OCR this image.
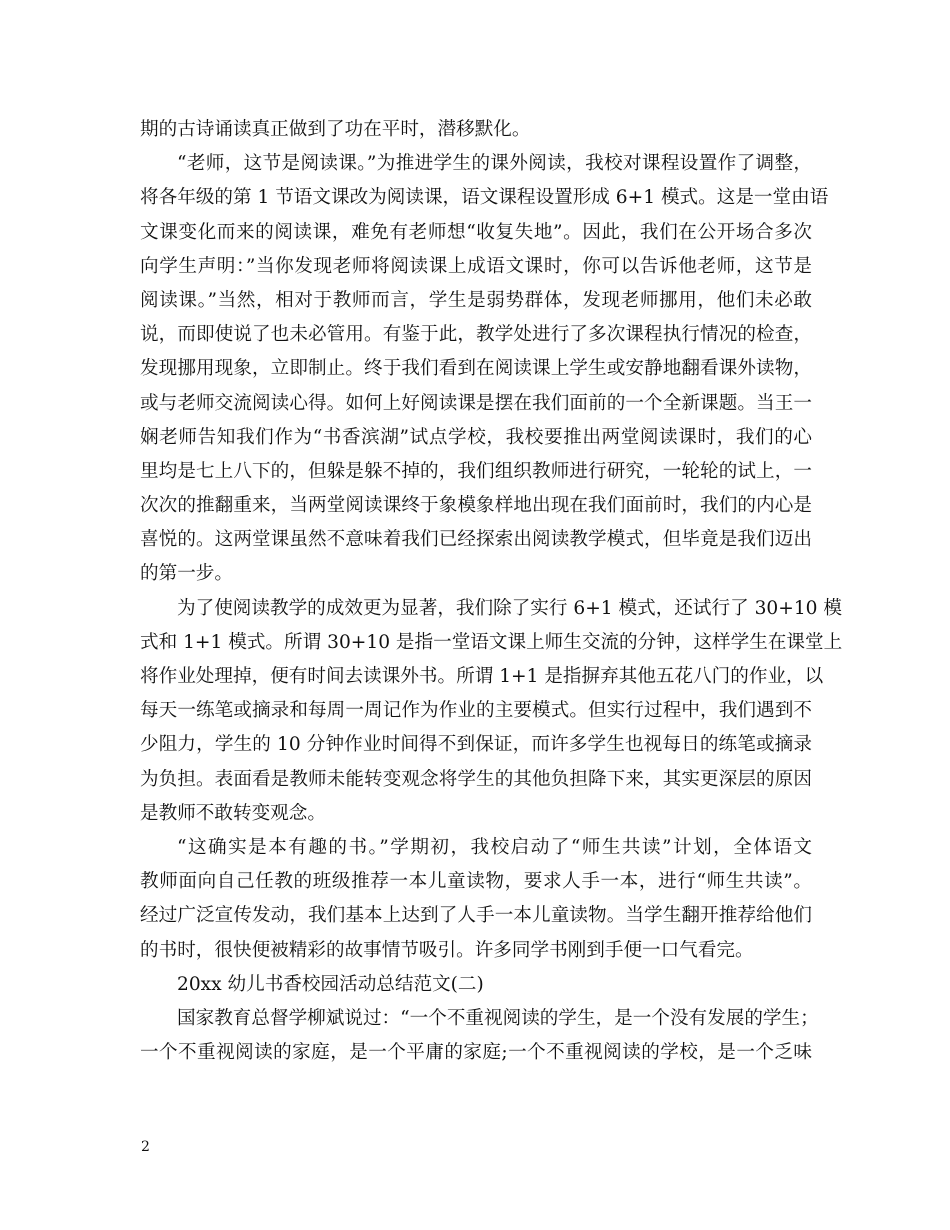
期的古诗诵读真正做到了功在平时，潜移默化。
“老师，这节是阅读课。”为推进学生的课外阅读，我校对课程设置作了调整，
将各年级的第 1 节语文课改为阅读课，语文课程设置形成 6+1 模式。这是一堂由语
文课变化而来的阅读课，难免有老师想“收复失地”。因此，我们在公开场合多次
向学生声明：”当你发现老师将阅读课上成语文课时，你可以告诉他老师，这节是
阅读课。”当然，相对于教师而言，学生是弱势群体，发现老师挪用，他们未必敢
说，而即使说了也未必管用。有鉴于此，教学处进行了多次课程执行情况的检查，
发现挪用现象，立即制止。终于我们看到在阅读课上学生或安静地翻看课外读物，
或与老师交流阅读心得。如何上好阅读课是摆在我们面前的一个全新课题。当王一
娴老师告知我们作为“书香滨湖”试点学校，我校要推出两堂阅读课时，我们的心
里均是七上八下的，但躲是躲不掉的，我们组织教师进行研究，一轮轮的试上，一
次次的推翻重来，当两堂阅读课终于象模象样地出现在我们面前时，我们的内心是
喜悦的。这两堂课虽然不意味着我们已经探索出阅读教学模式，但毕竟是我们迈出
的第一步。
为了使阅读教学的成效更为显著，我们除了实行 6+1 模式，还试行了 30+10 模
式和 1+1 模式。所谓 30+10 是指一堂语文课上师生交流的分钟，这样学生在课堂上
将作业处理掉，便有时间去读课外书。所谓 1+1 是指摒弃其他五花八门的作业，以
每天一练笔或摘录和每周一周记作为作业的主要模式。但实行过程中，我们遇到不
少阻力，学生的 10 分钟作业时间得不到保证，而许多学生也视每日的练笔或摘录
为负担。表面看是教师未能转变观念将学生的其他负担降下来，其实更深层的原因
是教师不敢转变观念。
“这确实是本有趣的书。”学期初，我校启动了“师生共读”计划，全体语文
教师面向自己任教的班级推荐一本儿童读物，要求人手一本，进行“师生共读”。
经过广泛宣传发动，我们基本上达到了人手一本儿童读物。当学生翻开推荐给他们
的书时，很快便被精彩的故事情节吸引。许多同学书刚到手便一口气看完。
20xx 幼儿书香校园活动总结范文(二)
国家教育总督学柳斌说过：“一个不重视阅读的学生，是一个没有发展的学生；
一个不重视阅读的家庭，是一个平庸的家庭;一个不重视阅读的学校，是一个乏味
2
